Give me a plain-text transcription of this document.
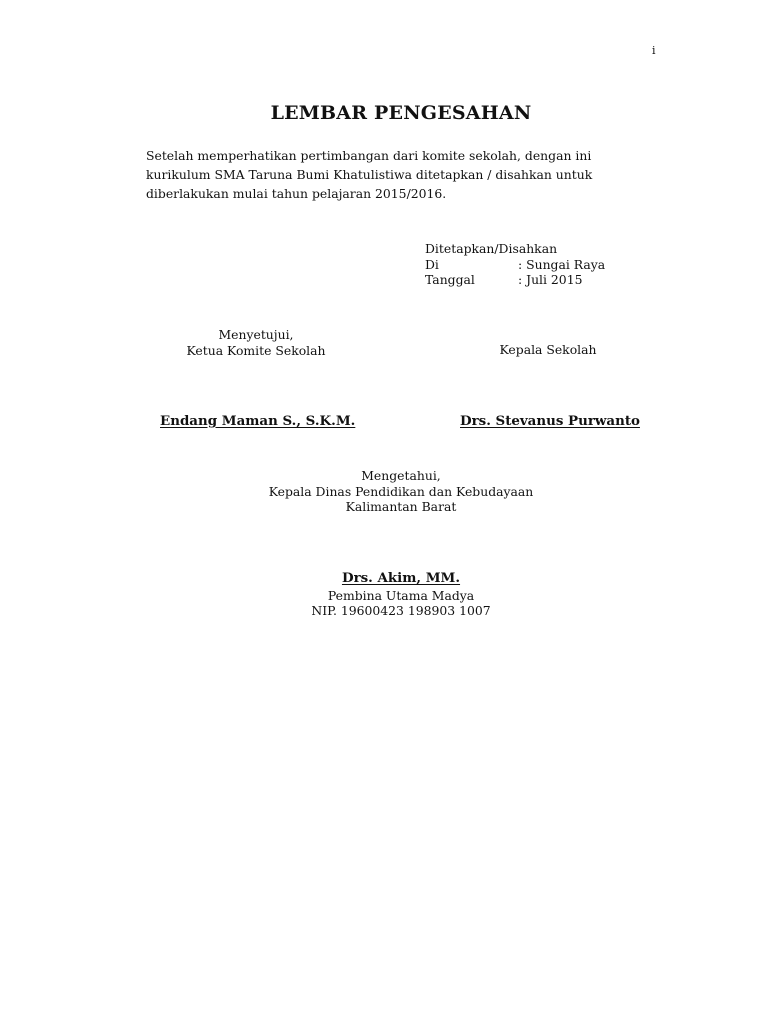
i
LEMBAR PENGESAHAN
Setelah memperhatikan pertimbangan dari komite sekolah, dengan ini
kurikulum SMA Taruna Bumi Khatulistiwa ditetapkan / disahkan untuk
diberlakukan mulai tahun pelajaran 2015/2016.
Ditetapkan/Disahkan
Di	: Sungai Raya
Tanggal	: Juli 2015
Menyetujui,
Ketua Komite Sekolah	Kepala Sekolah
Endang Maman S., S.K.M.	Drs. Stevanus Purwanto
Mengetahui,
Kepala Dinas Pendidikan dan Kebudayaan
Kalimantan Barat
Drs. Akim, MM.
Pembina Utama Madya
NIP. 19600423 198903 1007
